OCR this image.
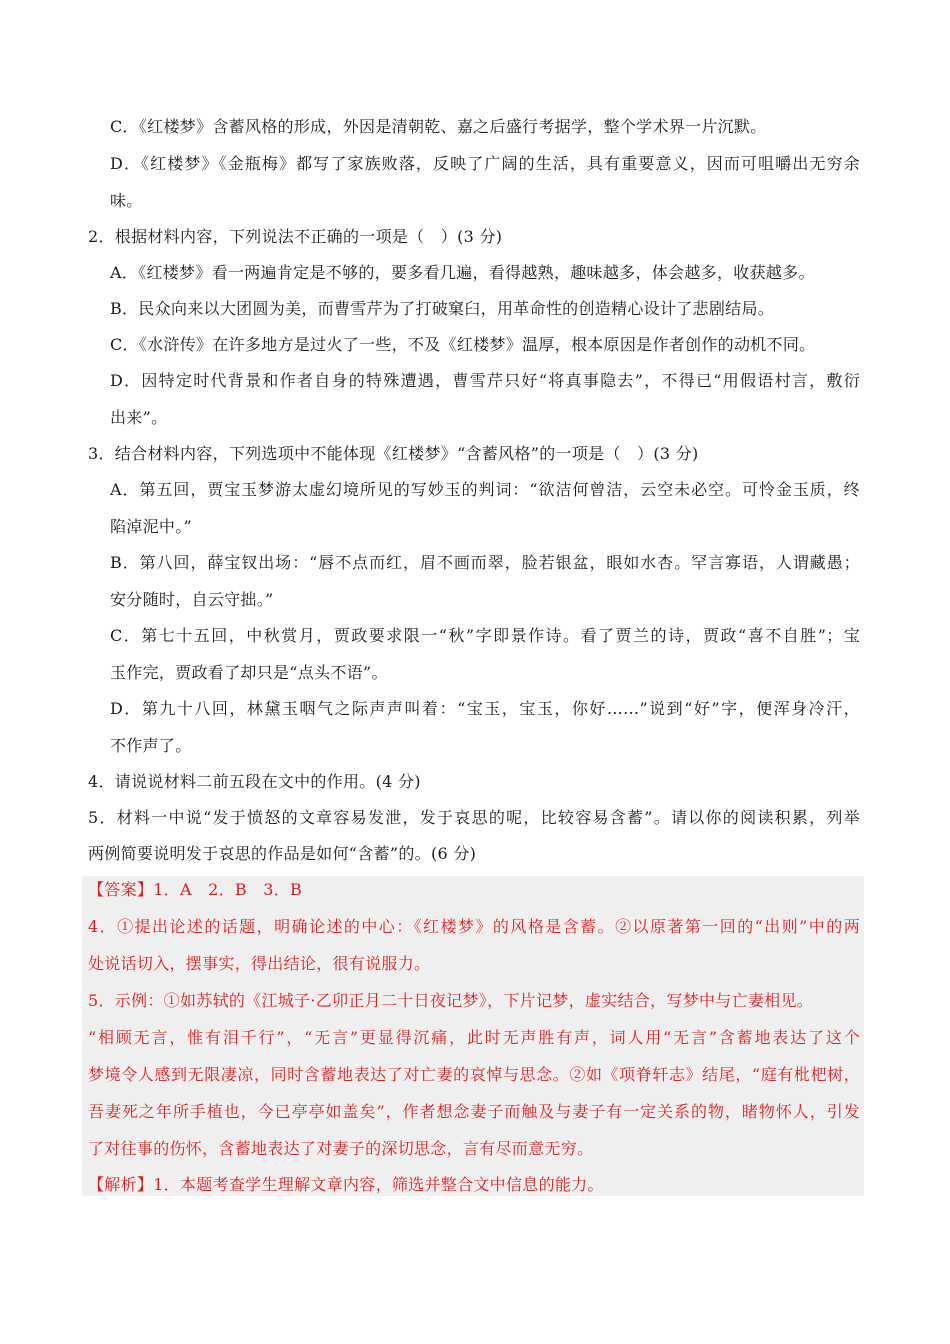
C．《红楼梦》含蓄风格的形成，外因是清朝乾、嘉之后盛行考据学，整个学术界一片沉默。
D．《红楼梦》《金瓶梅》都写了家族败落，反映了广阔的生活，具有重要意义，因而可咀嚼出无穷余
味。
2．根据材料内容，下列说法不正确的一项是（　）(3 分)
A．《红楼梦》看一两遍肯定是不够的，要多看几遍，看得越熟，趣味越多，体会越多，收获越多。
B．民众向来以大团圆为美，而曹雪芹为了打破窠臼，用革命性的创造精心设计了悲剧结局。
C．《水浒传》在许多地方是过火了一些，不及《红楼梦》温厚，根本原因是作者创作的动机不同。
D．因特定时代背景和作者自身的特殊遭遇，曹雪芹只好“将真事隐去”，不得已“用假语村言，敷衍
出来”。
3．结合材料内容，下列选项中不能体现《红楼梦》“含蓄风格”的一项是（　）(3 分)
A．第五回，贾宝玉梦游太虚幻境所见的写妙玉的判词：“欲洁何曾洁，云空未必空。可怜金玉质，终
陷淖泥中。”
B．第八回，薛宝钗出场：“唇不点而红，眉不画而翠，脸若银盆，眼如水杏。罕言寡语，人谓藏愚；
安分随时，自云守拙。”
C．第七十五回，中秋赏月，贾政要求限一“秋”字即景作诗。看了贾兰的诗，贾政“喜不自胜”；宝
玉作完，贾政看了却只是“点头不语”。
D．第九十八回，林黛玉咽气之际声声叫着：“宝玉，宝玉，你好……”说到“好”字，便浑身冷汗，
不作声了。
4．请说说材料二前五段在文中的作用。(4 分)
5．材料一中说“发于愤怒的文章容易发泄，发于哀思的呢，比较容易含蓄”。请以你的阅读积累，列举
两例简要说明发于哀思的作品是如何“含蓄”的。(6 分)
【答案】1．A　2．B　3．B
4．①提出论述的话题，明确论述的中心：《红楼梦》的风格是含蓄。②以原著第一回的“出则”中的两
处说话切入，摆事实，得出结论，很有说服力。
5．示例：①如苏轼的《江城子·乙卯正月二十日夜记梦》，下片记梦，虚实结合，写梦中与亡妻相见。
“相顾无言，惟有泪千行”，“无言”更显得沉痛，此时无声胜有声，词人用“无言”含蓄地表达了这个
梦境令人感到无限凄凉，同时含蓄地表达了对亡妻的哀悼与思念。②如《项脊轩志》结尾，“庭有枇杷树，
吾妻死之年所手植也，今已亭亭如盖矣”，作者想念妻子而触及与妻子有一定关系的物，睹物怀人，引发
了对往事的伤怀，含蓄地表达了对妻子的深切思念，言有尽而意无穷。
【解析】1．本题考查学生理解文章内容，筛选并整合文中信息的能力。
